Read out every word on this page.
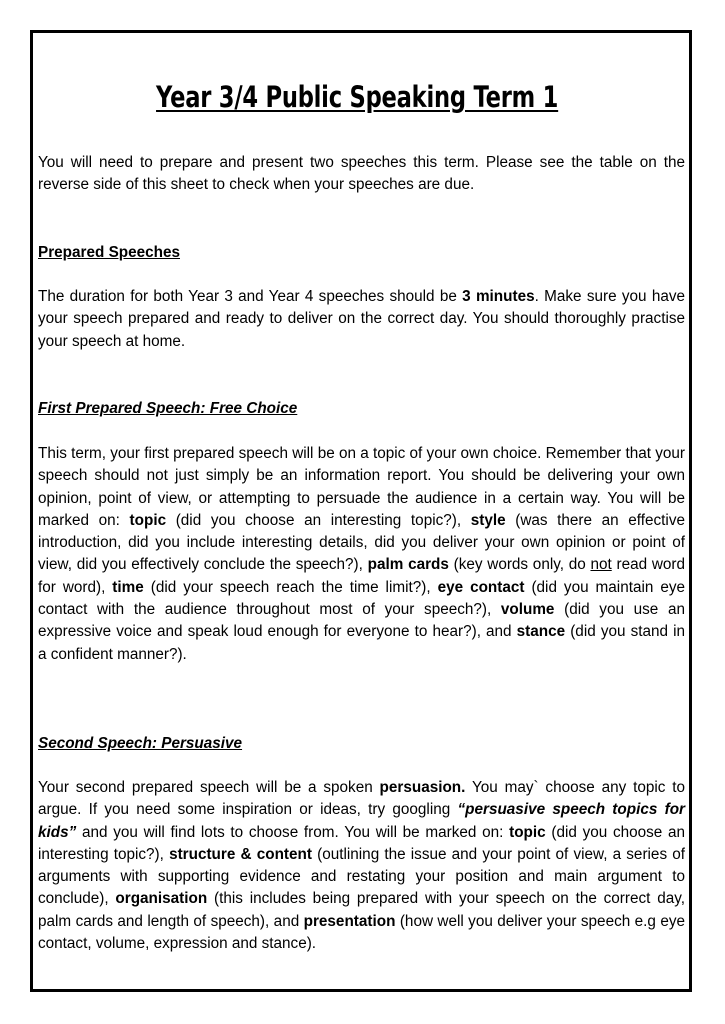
Year 3/4 Public Speaking Term 1

You will need to prepare and present two speeches this term. Please see the table on the reverse side of this sheet to check when your speeches are due.

Prepared Speeches

The duration for both Year 3 and Year 4 speeches should be 3 minutes. Make sure you have your speech prepared and ready to deliver on the correct day. You should thoroughly practise your speech at home.

First Prepared Speech: Free Choice

This term, your first prepared speech will be on a topic of your own choice. Remember that your speech should not just simply be an information report. You should be delivering your own opinion, point of view, or attempting to persuade the audience in a certain way. You will be marked on: topic (did you choose an interesting topic?), style (was there an effective introduction, did you include interesting details, did you deliver your own opinion or point of view, did you effectively conclude the speech?), palm cards (key words only, do not read word for word), time (did your speech reach the time limit?), eye contact (did you maintain eye contact with the audience throughout most of your speech?), volume (did you use an expressive voice and speak loud enough for everyone to hear?), and stance (did you stand in a confident manner?).

Second Speech: Persuasive

Your second prepared speech will be a spoken persuasion. You may` choose any topic to argue. If you need some inspiration or ideas, try googling “persuasive speech topics for kids” and you will find lots to choose from. You will be marked on: topic (did you choose an interesting topic?), structure & content (outlining the issue and your point of view, a series of arguments with supporting evidence and restating your position and main argument to conclude), organisation (this includes being prepared with your speech on the correct day, palm cards and length of speech), and presentation (how well you deliver your speech e.g eye contact, volume, expression and stance).
